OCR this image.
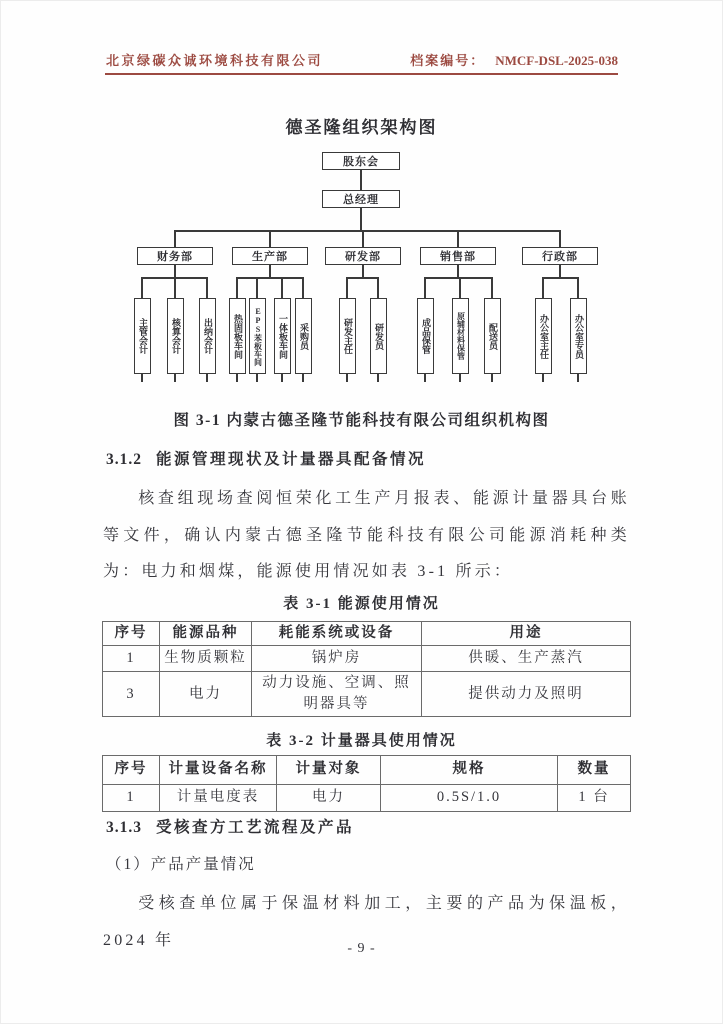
北京绿碳众诚环境科技有限公司	档案编号： NMCF-DSL-2025-038
德圣隆组织架构图
股东会
总经理
财务部	生产部	研发部	销售部	行政部
主管会计	核算会计	出纳会计	热固板车间	EPS苯板车间	一体板车间	采购员	研发主任	研发员	成品保管	原辅材料保管	配送员	办公室主任	办公室专员
图 3-1 内蒙古德圣隆节能科技有限公司组织机构图
3.1.2 能源管理现状及计量器具配备情况
核查组现场查阅恒荣化工生产月报表、能源计量器具台账等文件，确认内蒙古德圣隆节能科技有限公司能源消耗种类为：电力和烟煤，能源使用情况如表 3-1 所示：
表 3-1 能源使用情况
序号	能源品种	耗能系统或设备	用途
1	生物质颗粒	锅炉房	供暖、生产蒸汽
3	电力	动力设施、空调、照明器具等	提供动力及照明
表 3-2 计量器具使用情况
序号	计量设备名称	计量对象	规格	数量
1	计量电度表	电力	0.5S/1.0	1 台
3.1.3 受核查方工艺流程及产品
（1）产品产量情况
受核查单位属于保温材料加工，主要的产品为保温板，2024 年	- 9 -
